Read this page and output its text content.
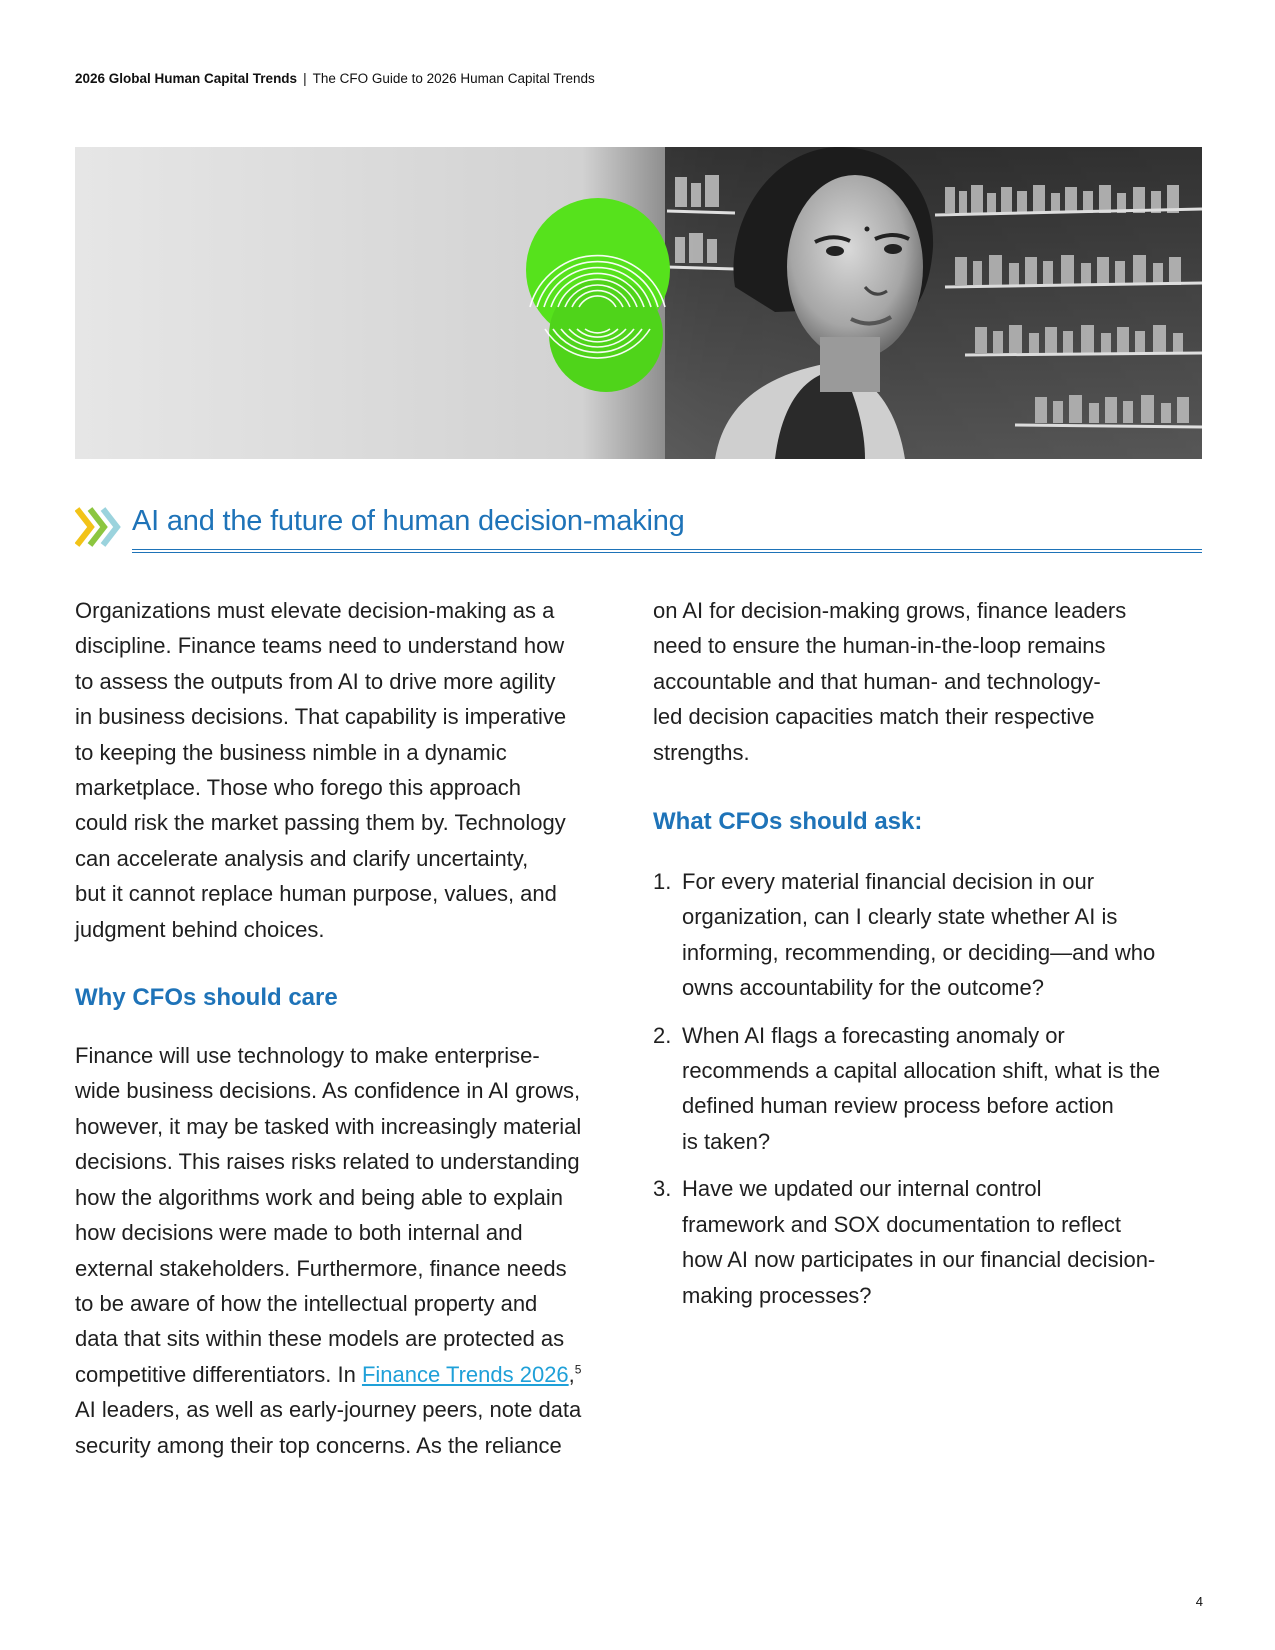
2026 Global Human Capital Trends | The CFO Guide to 2026 Human Capital Trends
AI and the future of human decision-making

Organizations must elevate decision-making as a
discipline. Finance teams need to understand how
to assess the outputs from AI to drive more agility
in business decisions. That capability is imperative
to keeping the business nimble in a dynamic
marketplace. Those who forego this approach
could risk the market passing them by. Technology
can accelerate analysis and clarify uncertainty,
but it cannot replace human purpose, values, and
judgment behind choices.

Why CFOs should care

Finance will use technology to make enterprise-
wide business decisions. As confidence in AI grows,
however, it may be tasked with increasingly material
decisions. This raises risks related to understanding
how the algorithms work and being able to explain
how decisions were made to both internal and
external stakeholders. Furthermore, finance needs
to be aware of how the intellectual property and
data that sits within these models are protected as
competitive differentiators. In Finance Trends 2026,$^5$
AI leaders, as well as early-journey peers, note data
security among their top concerns. As the reliance

on AI for decision-making grows, finance leaders
need to ensure the human-in-the-loop remains
accountable and that human- and technology-
led decision capacities match their respective
strengths.

What CFOs should ask:
1. For every material financial decision in our
organization, can I clearly state whether AI is
informing, recommending, or deciding—and who
owns accountability for the outcome?
2. When AI flags a forecasting anomaly or
recommends a capital allocation shift, what is the
defined human review process before action
is taken?
3. Have we updated our internal control
framework and SOX documentation to reflect
how AI now participates in our financial decision-
making processes?
4
